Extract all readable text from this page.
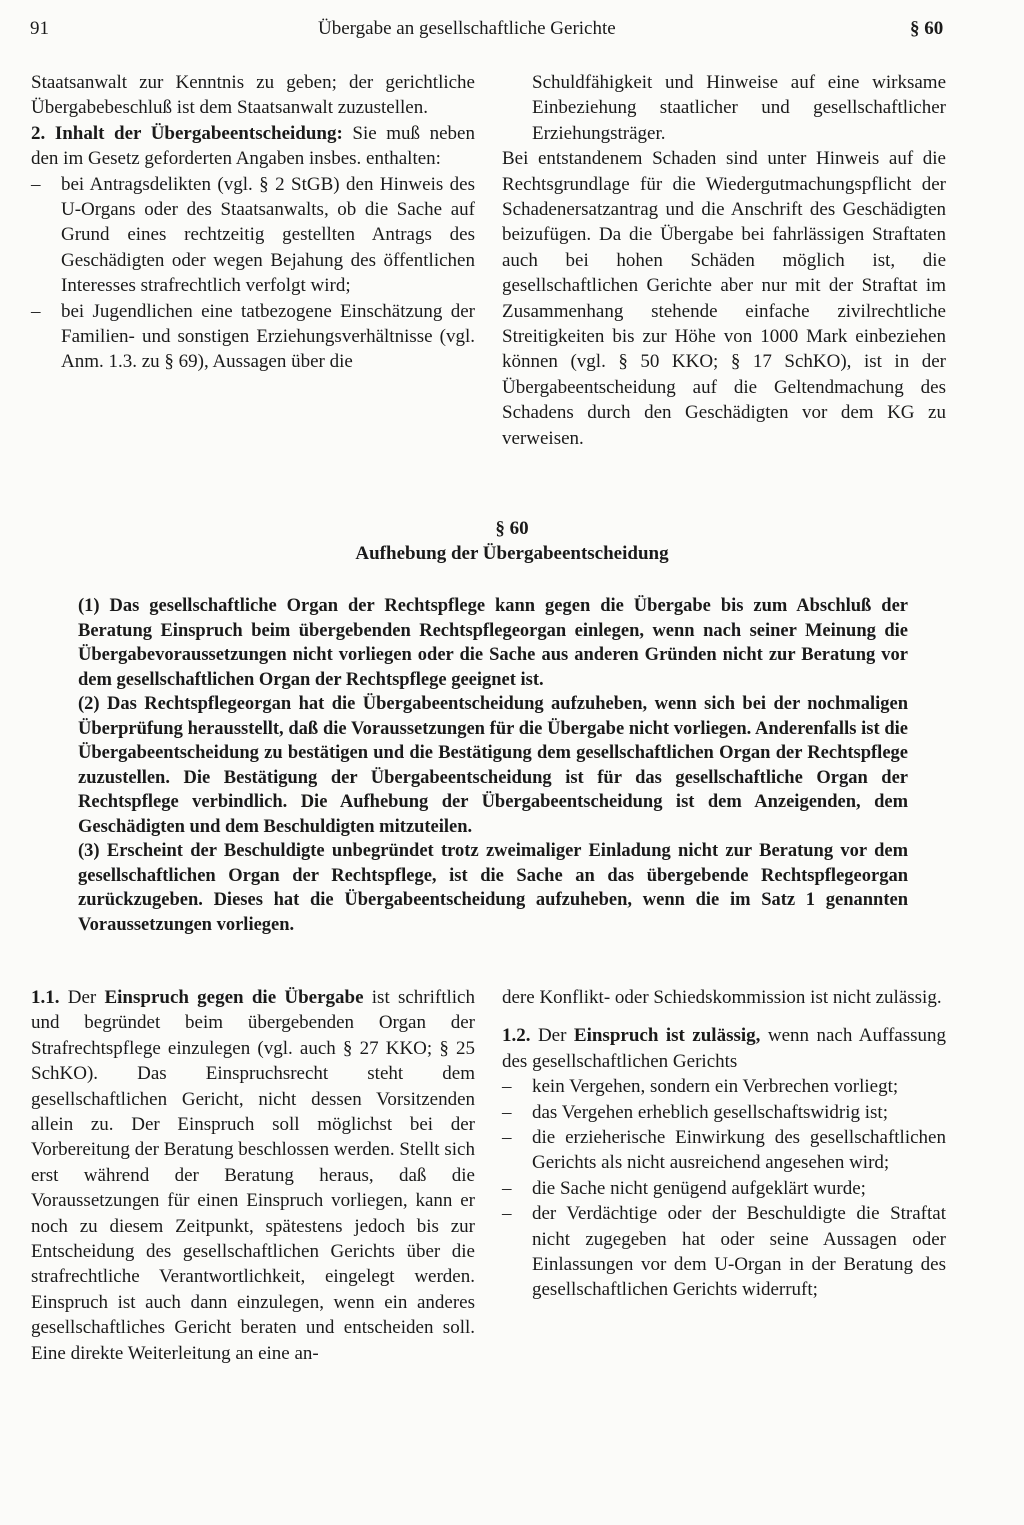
91	Übergabe an gesellschaftliche Gerichte	§ 60

Staatsanwalt zur Kenntnis zu geben; der gerichtliche Übergabebeschluß ist dem Staatsanwalt zuzustellen.

2. Inhalt der Übergabeentscheidung: Sie muß neben den im Gesetz geforderten Angaben insbes. enthalten:

– bei Antragsdelikten (vgl. § 2 StGB) den Hinweis des U-Organs oder des Staatsanwalts, ob die Sache auf Grund eines rechtzeitig gestellten Antrags des Geschädigten oder wegen Bejahung des öffentlichen Interesses strafrechtlich verfolgt wird;
– bei Jugendlichen eine tatbezogene Einschätzung der Familien- und sonstigen Erziehungsverhältnisse (vgl. Anm. 1.3. zu § 69), Aussagen über die

Schuldfähigkeit und Hinweise auf eine wirksame Einbeziehung staatlicher und gesellschaftlicher Erziehungsträger.

Bei entstandenem Schaden sind unter Hinweis auf die Rechtsgrundlage für die Wiedergutmachungspflicht der Schadenersatzantrag und die Anschrift des Geschädigten beizufügen. Da die Übergabe bei fahrlässigen Straftaten auch bei hohen Schäden möglich ist, die gesellschaftlichen Gerichte aber nur mit der Straftat im Zusammenhang stehende einfache zivilrechtliche Streitigkeiten bis zur Höhe von 1000 Mark einbeziehen können (vgl. § 50 KKO; § 17 SchKO), ist in der Übergabeentscheidung auf die Geltendmachung des Schadens durch den Geschädigten vor dem KG zu verweisen.

§ 60
Aufhebung der Übergabeentscheidung

(1) Das gesellschaftliche Organ der Rechtspflege kann gegen die Übergabe bis zum Abschluß der Beratung Einspruch beim übergebenden Rechtspflegeorgan einlegen, wenn nach seiner Meinung die Übergabevoraussetzungen nicht vorliegen oder die Sache aus anderen Gründen nicht zur Beratung vor dem gesellschaftlichen Organ der Rechtspflege geeignet ist.

(2) Das Rechtspflegeorgan hat die Übergabeentscheidung aufzuheben, wenn sich bei der nochmaligen Überprüfung herausstellt, daß die Voraussetzungen für die Übergabe nicht vorliegen. Anderenfalls ist die Übergabeentscheidung zu bestätigen und die Bestätigung dem gesellschaftlichen Organ der Rechtspflege zuzustellen. Die Bestätigung der Übergabeentscheidung ist für das gesellschaftliche Organ der Rechtspflege verbindlich. Die Aufhebung der Übergabeentscheidung ist dem Anzeigenden, dem Geschädigten und dem Beschuldigten mitzuteilen.

(3) Erscheint der Beschuldigte unbegründet trotz zweimaliger Einladung nicht zur Beratung vor dem gesellschaftlichen Organ der Rechtspflege, ist die Sache an das übergebende Rechtspflegeorgan zurückzugeben. Dieses hat die Übergabeentscheidung aufzuheben, wenn die im Satz 1 genannten Voraussetzungen vorliegen.

1.1. Der Einspruch gegen die Übergabe ist schriftlich und begründet beim übergebenden Organ der Strafrechtspflege einzulegen (vgl. auch § 27 KKO; § 25 SchKO). Das Einspruchsrecht steht dem gesellschaftlichen Gericht, nicht dessen Vorsitzenden allein zu. Der Einspruch soll möglichst bei der Vorbereitung der Beratung beschlossen werden. Stellt sich erst während der Beratung heraus, daß die Voraussetzungen für einen Einspruch vorliegen, kann er noch zu diesem Zeitpunkt, spätestens jedoch bis zur Entscheidung des gesellschaftlichen Gerichts über die strafrechtliche Verantwortlichkeit, eingelegt werden. Einspruch ist auch dann einzulegen, wenn ein anderes gesellschaftliches Gericht beraten und entscheiden soll. Eine direkte Weiterleitung an eine an-

dere Konflikt- oder Schiedskommission ist nicht zulässig.

1.2. Der Einspruch ist zulässig, wenn nach Auffassung des gesellschaftlichen Gerichts

– kein Vergehen, sondern ein Verbrechen vorliegt;
– das Vergehen erheblich gesellschaftswidrig ist;
– die erzieherische Einwirkung des gesellschaftlichen Gerichts als nicht ausreichend angesehen wird;
– die Sache nicht genügend aufgeklärt wurde;
– der Verdächtige oder der Beschuldigte die Straftat nicht zugegeben hat oder seine Aussagen oder Einlassungen vor dem U-Organ in der Beratung des gesellschaftlichen Gerichts widerruft;
